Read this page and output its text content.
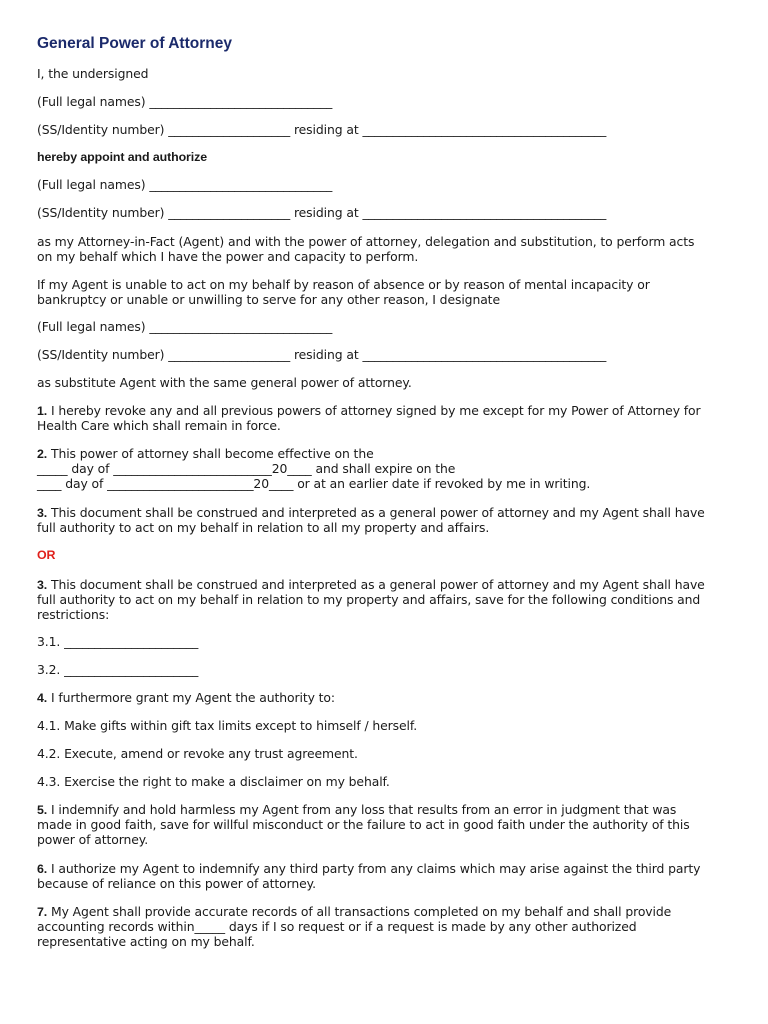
General Power of Attorney
I, the undersigned
(Full legal names) ______________________________
(SS/Identity number) ____________________ residing at ________________________________________
hereby appoint and authorize
(Full legal names) ______________________________
(SS/Identity number) ____________________ residing at ________________________________________
as my Attorney-in-Fact (Agent) and with the power of attorney, delegation and substitution, to perform acts
on my behalf which I have the power and capacity to perform.
If my Agent is unable to act on my behalf by reason of absence or by reason of mental incapacity or
bankruptcy or unable or unwilling to serve for any other reason, I designate
(Full legal names) ______________________________
(SS/Identity number) ____________________ residing at ________________________________________
as substitute Agent with the same general power of attorney.
1. I hereby revoke any and all previous powers of attorney signed by me except for my Power of Attorney for
Health Care which shall remain in force.
2. This power of attorney shall become effective on the
_____ day of __________________________20____ and shall expire on the
____ day of ________________________20____ or at an earlier date if revoked by me in writing.
3. This document shall be construed and interpreted as a general power of attorney and my Agent shall have
full authority to act on my behalf in relation to all my property and affairs.
OR
3. This document shall be construed and interpreted as a general power of attorney and my Agent shall have
full authority to act on my behalf in relation to my property and affairs, save for the following conditions and
restrictions:
3.1. ______________________
3.2. ______________________
4. I furthermore grant my Agent the authority to:
4.1. Make gifts within gift tax limits except to himself / herself.
4.2. Execute, amend or revoke any trust agreement.
4.3. Exercise the right to make a disclaimer on my behalf.
5. I indemnify and hold harmless my Agent from any loss that results from an error in judgment that was
made in good faith, save for willful misconduct or the failure to act in good faith under the authority of this
power of attorney.
6. I authorize my Agent to indemnify any third party from any claims which may arise against the third party
because of reliance on this power of attorney.
7. My Agent shall provide accurate records of all transactions completed on my behalf and shall provide
accounting records within_____ days if I so request or if a request is made by any other authorized
representative acting on my behalf.
